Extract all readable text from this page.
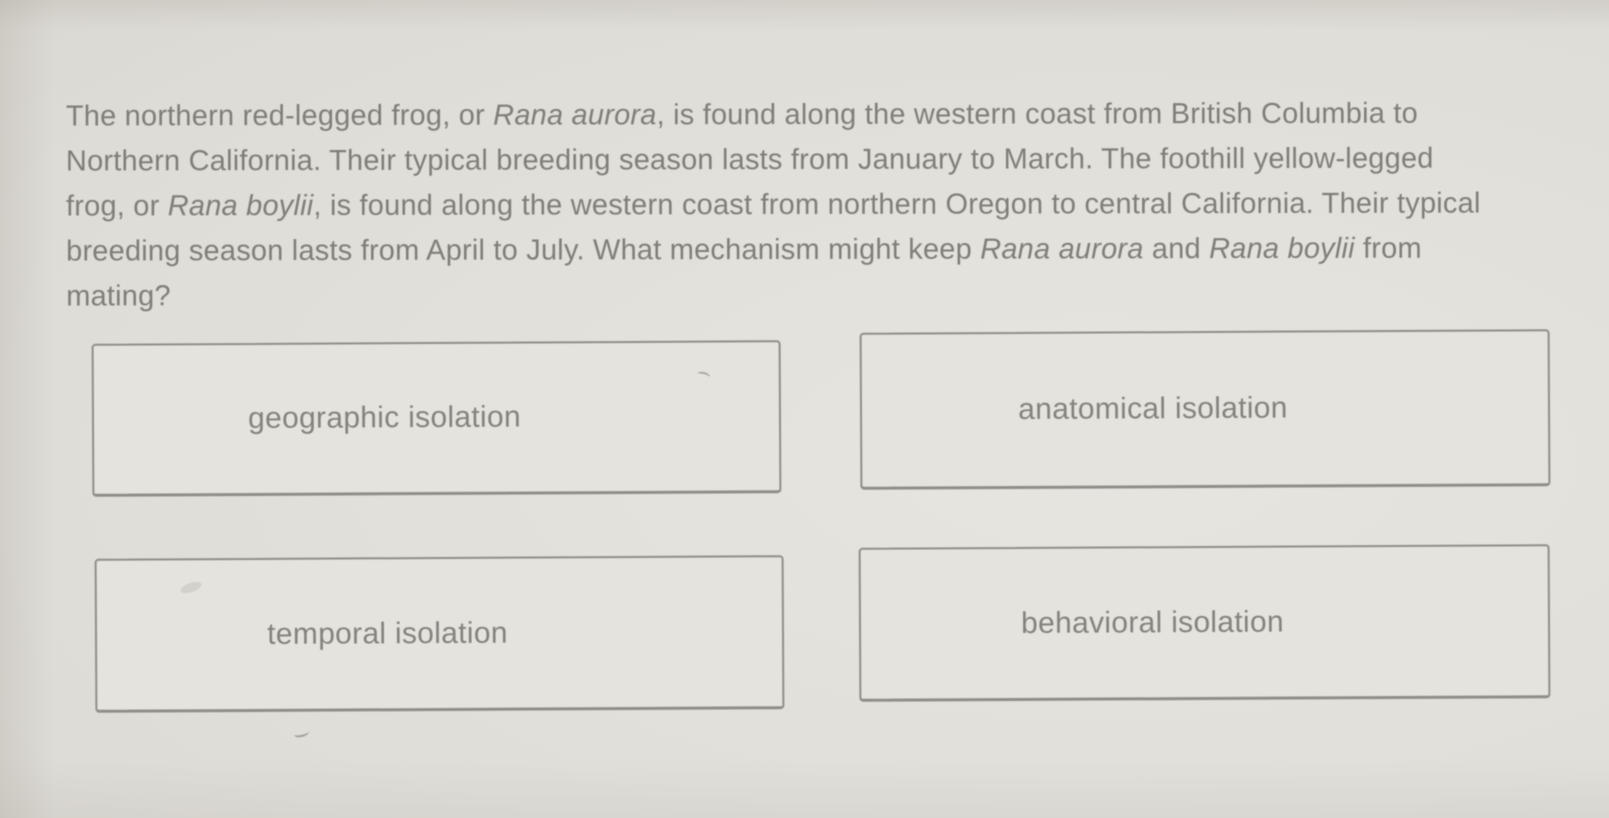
The northern red-legged frog, or Rana aurora, is found along the western coast from British Columbia to Northern California. Their typical breeding season lasts from January to March. The foothill yellow-legged frog, or Rana boylii, is found along the western coast from northern Oregon to central California. Their typical breeding season lasts from April to July. What mechanism might keep Rana aurora and Rana boylii from mating?

geographic isolation	anatomical isolation
temporal isolation	behavioral isolation
